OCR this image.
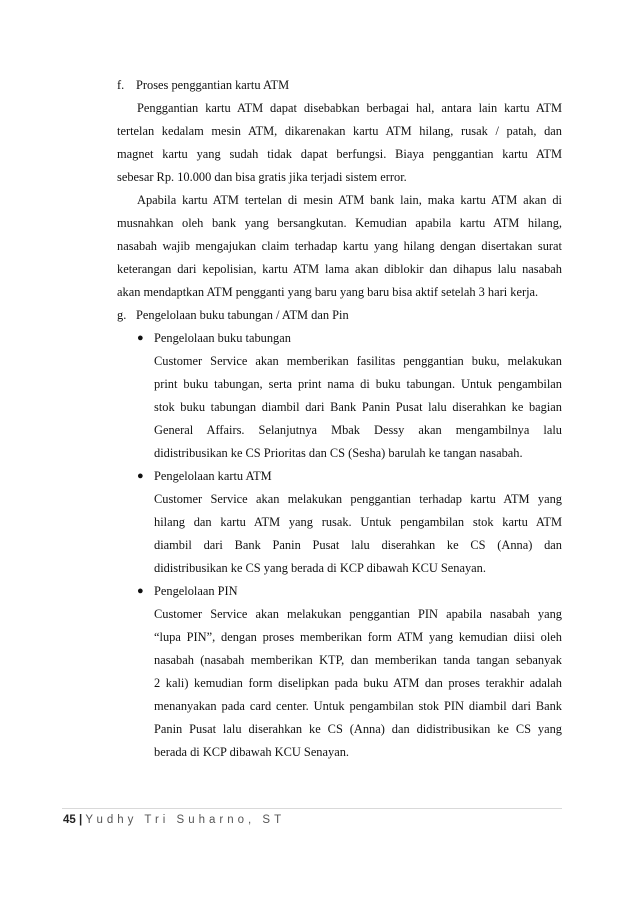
f. Proses penggantian kartu ATM
Penggantian kartu ATM dapat disebabkan berbagai hal, antara lain kartu ATM
tertelan kedalam mesin ATM, dikarenakan kartu ATM hilang, rusak / patah, dan
magnet kartu yang sudah tidak dapat berfungsi. Biaya penggantian kartu ATM
sebesar Rp. 10.000 dan bisa gratis jika terjadi sistem error.
Apabila kartu ATM tertelan di mesin ATM bank lain, maka kartu ATM akan di
musnahkan oleh bank yang bersangkutan. Kemudian apabila kartu ATM hilang,
nasabah wajib mengajukan claim terhadap kartu yang hilang dengan disertakan surat
keterangan dari kepolisian, kartu ATM lama akan diblokir dan dihapus lalu nasabah
akan mendaptkan ATM pengganti yang baru yang baru bisa aktif setelah 3 hari kerja.
g. Pengelolaan buku tabungan / ATM dan Pin
● Pengelolaan buku tabungan
Customer Service akan memberikan fasilitas penggantian buku, melakukan
print buku tabungan, serta print nama di buku tabungan. Untuk pengambilan
stok buku tabungan diambil dari Bank Panin Pusat lalu diserahkan ke bagian
General Affairs. Selanjutnya Mbak Dessy akan mengambilnya lalu
didistribusikan ke CS Prioritas dan CS (Sesha) barulah ke tangan nasabah.
● Pengelolaan kartu ATM
Customer Service akan melakukan penggantian terhadap kartu ATM yang
hilang dan kartu ATM yang rusak. Untuk pengambilan stok kartu ATM
diambil dari Bank Panin Pusat lalu diserahkan ke CS (Anna) dan
didistribusikan ke CS yang berada di KCP dibawah KCU Senayan.
● Pengelolaan PIN
Customer Service akan melakukan penggantian PIN apabila nasabah yang
“lupa PIN”, dengan proses memberikan form ATM yang kemudian diisi oleh
nasabah (nasabah memberikan KTP, dan memberikan tanda tangan sebanyak
2 kali) kemudian form diselipkan pada buku ATM dan proses terakhir adalah
menanyakan pada card center. Untuk pengambilan stok PIN diambil dari Bank
Panin Pusat lalu diserahkan ke CS (Anna) dan didistribusikan ke CS yang
berada di KCP dibawah KCU Senayan.
45 | Yudhy Tri Suharno, ST
